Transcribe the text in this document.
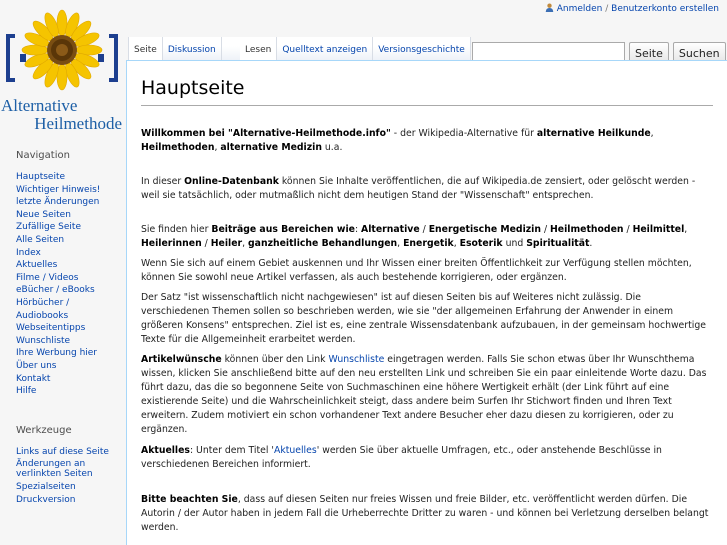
Anmelden / Benutzerkonto erstellen
Alternative
Heilmethode
Navigation
Hauptseite
Wichtiger Hinweis!
letzte Änderungen
Neue Seiten
Zufällige Seite
Alle Seiten
Index
Aktuelles
Filme / Videos
eBücher / eBooks
Hörbücher / Audiobooks
Webseitentipps
Wunschliste
Ihre Werbung hier
Über uns
Kontakt
Hilfe
Werkzeuge
Links auf diese Seite
Änderungen an verlinkten Seiten
Spezialseiten
Druckversion
Seite	Diskussion	Lesen	Quelltext anzeigen	Versionsgeschichte	Seite	Suchen
Hauptseite

Willkommen bei "Alternative-Heilmethode.info" - der Wikipedia-Alternative für alternative Heilkunde, Heilmethoden, alternative Medizin u.a.

In dieser Online-Datenbank können Sie Inhalte veröffentlichen, die auf Wikipedia.de zensiert, oder gelöscht werden - weil sie tatsächlich, oder mutmaßlich nicht dem heutigen Stand der "Wissenschaft" entsprechen.

Sie finden hier Beiträge aus Bereichen wie: Alternative / Energetische Medizin / Heilmethoden / Heilmittel, Heilerinnen / Heiler, ganzheitliche Behandlungen, Energetik, Esoterik und Spiritualität.

Wenn Sie sich auf einem Gebiet auskennen und Ihr Wissen einer breiten Öffentlichkeit zur Verfügung stellen möchten, können Sie sowohl neue Artikel verfassen, als auch bestehende korrigieren, oder ergänzen.

Der Satz "ist wissenschaftlich nicht nachgewiesen" ist auf diesen Seiten bis auf Weiteres nicht zulässig. Die verschiedenen Themen sollen so beschrieben werden, wie sie "der allgemeinen Erfahrung der Anwender in einem größeren Konsens" entsprechen. Ziel ist es, eine zentrale Wissensdatenbank aufzubauen, in der gemeinsam hochwertige Texte für die Allgemeinheit erarbeitet werden.

Artikelwünsche können über den Link Wunschliste eingetragen werden. Falls Sie schon etwas über Ihr Wunschthema wissen, klicken Sie anschließend bitte auf den neu erstellten Link und schreiben Sie ein paar einleitende Worte dazu. Das führt dazu, das die so begonnene Seite von Suchmaschinen eine höhere Wertigkeit erhält (der Link führt auf eine existierende Seite) und die Wahrscheinlichkeit steigt, dass andere beim Surfen Ihr Stichwort finden und Ihren Text erweitern. Zudem motiviert ein schon vorhandener Text andere Besucher eher dazu diesen zu korrigieren, oder zu ergänzen.

Aktuelles: Unter dem Titel 'Aktuelles' werden Sie über aktuelle Umfragen, etc., oder anstehende Beschlüsse in verschiedenen Bereichen informiert.

Bitte beachten Sie, dass auf diesen Seiten nur freies Wissen und freie Bilder, etc. veröffentlicht werden dürfen. Die Autorin / der Autor haben in jedem Fall die Urheberrechte Dritter zu waren - und können bei Verletzung derselben belangt werden.
